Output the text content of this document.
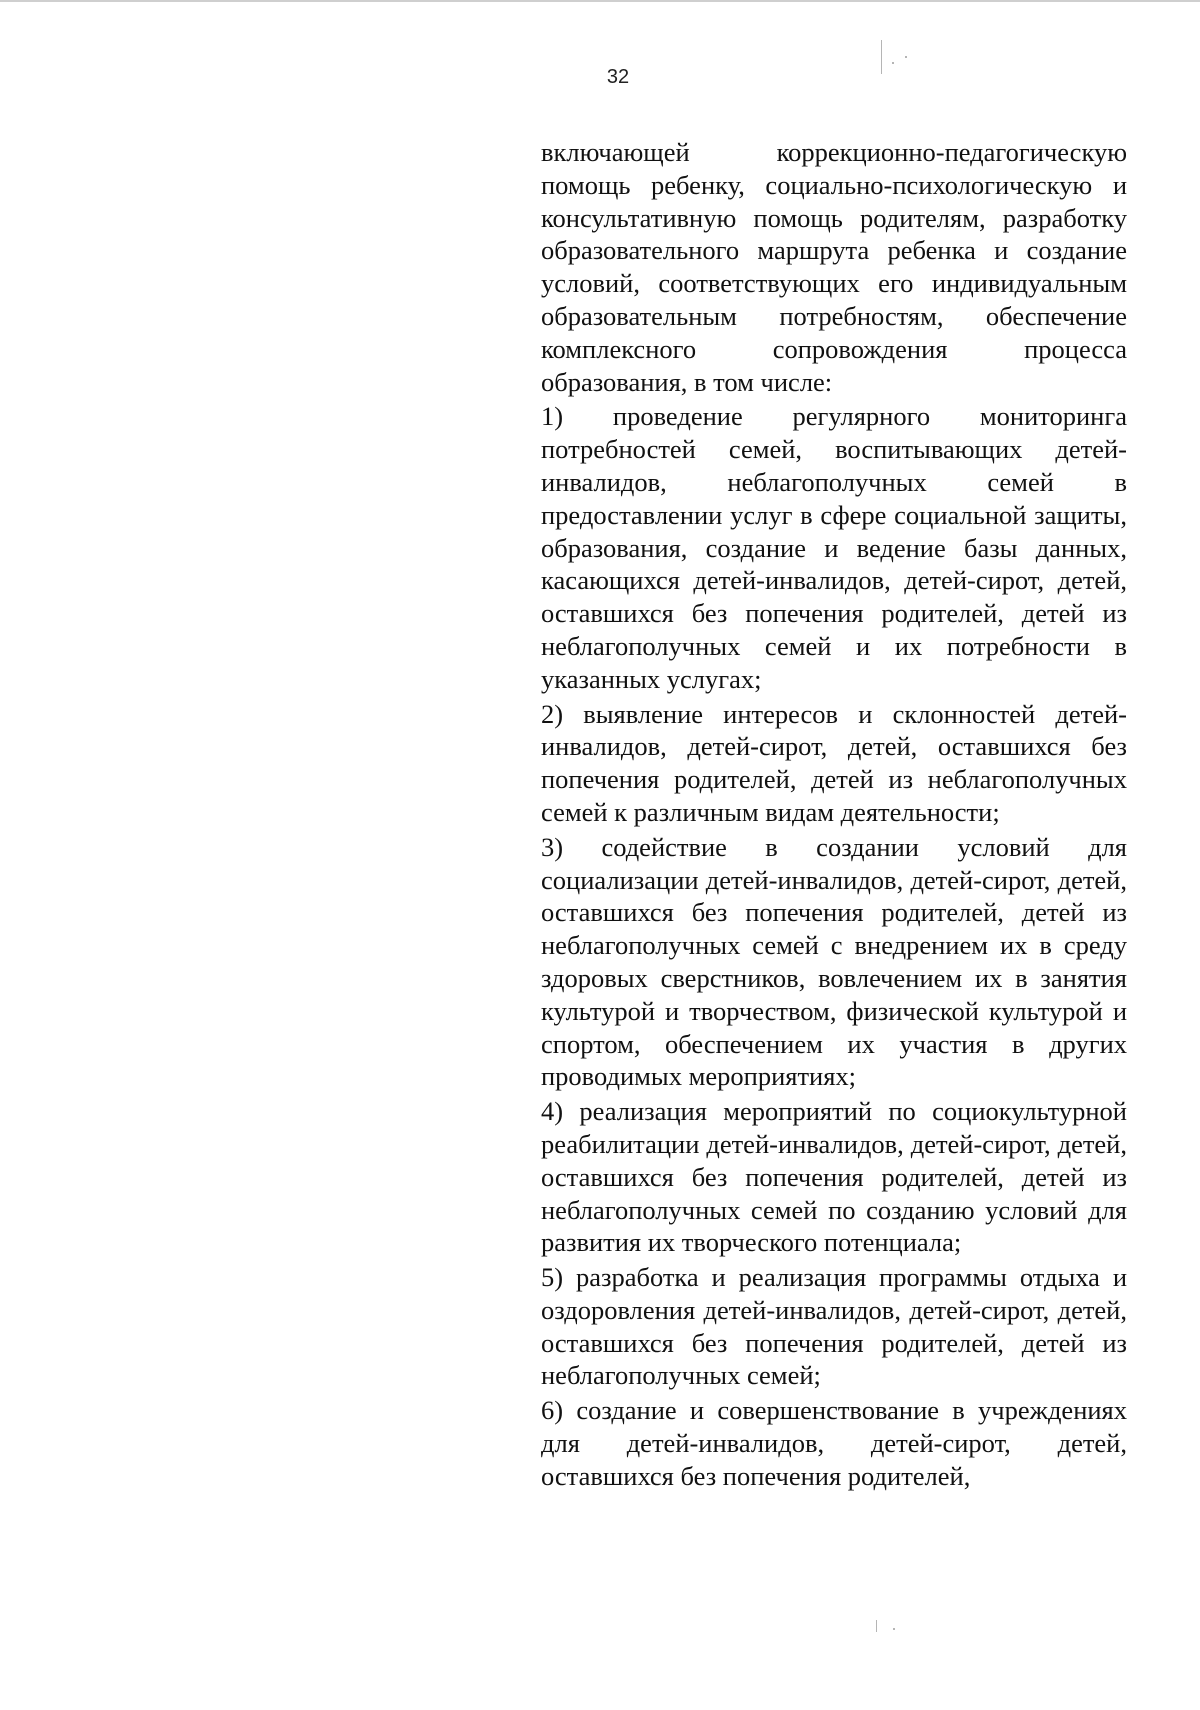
32

включающей коррекционно-педагогическую помощь ребенку, социально-психологическую и консультативную помощь родителям, разработку образовательного маршрута ребенка и создание условий, соответствующих его индивидуальным образовательным потребностям, обеспечение комплексного сопровождения процесса образования, в том числе:

1) проведение регулярного мониторинга потребностей семей, воспитывающих детей-инвалидов, неблагополучных семей в предоставлении услуг в сфере социальной защиты, образования, создание и ведение базы данных, касающихся детей-инвалидов, детей-сирот, детей, оставшихся без попечения родителей, детей из неблагополучных семей и их потребности в указанных услугах;

2) выявление интересов и склонностей детей-инвалидов, детей-сирот, детей, оставшихся без попечения родителей, детей из неблагополучных семей к различным видам деятельности;

3) содействие в создании условий для социализации детей-инвалидов, детей-сирот, детей, оставшихся без попечения родителей, детей из неблагополучных семей с внедрением их в среду здоровых сверстников, вовлечением их в занятия культурой и творчеством, физической культурой и спортом, обеспечением их участия в других проводимых мероприятиях;

4) реализация мероприятий по социокультурной реабилитации детей-инвалидов, детей-сирот, детей, оставшихся без попечения родителей, детей из неблагополучных семей по созданию условий для развития их творческого потенциала;

5) разработка и реализация программы отдыха и оздоровления детей-инвалидов, детей-сирот, детей, оставшихся без попечения родителей, детей из неблагополучных семей;

6) создание и совершенствование в учреждениях для детей-инвалидов, детей-сирот, детей, оставшихся без попечения родителей,
